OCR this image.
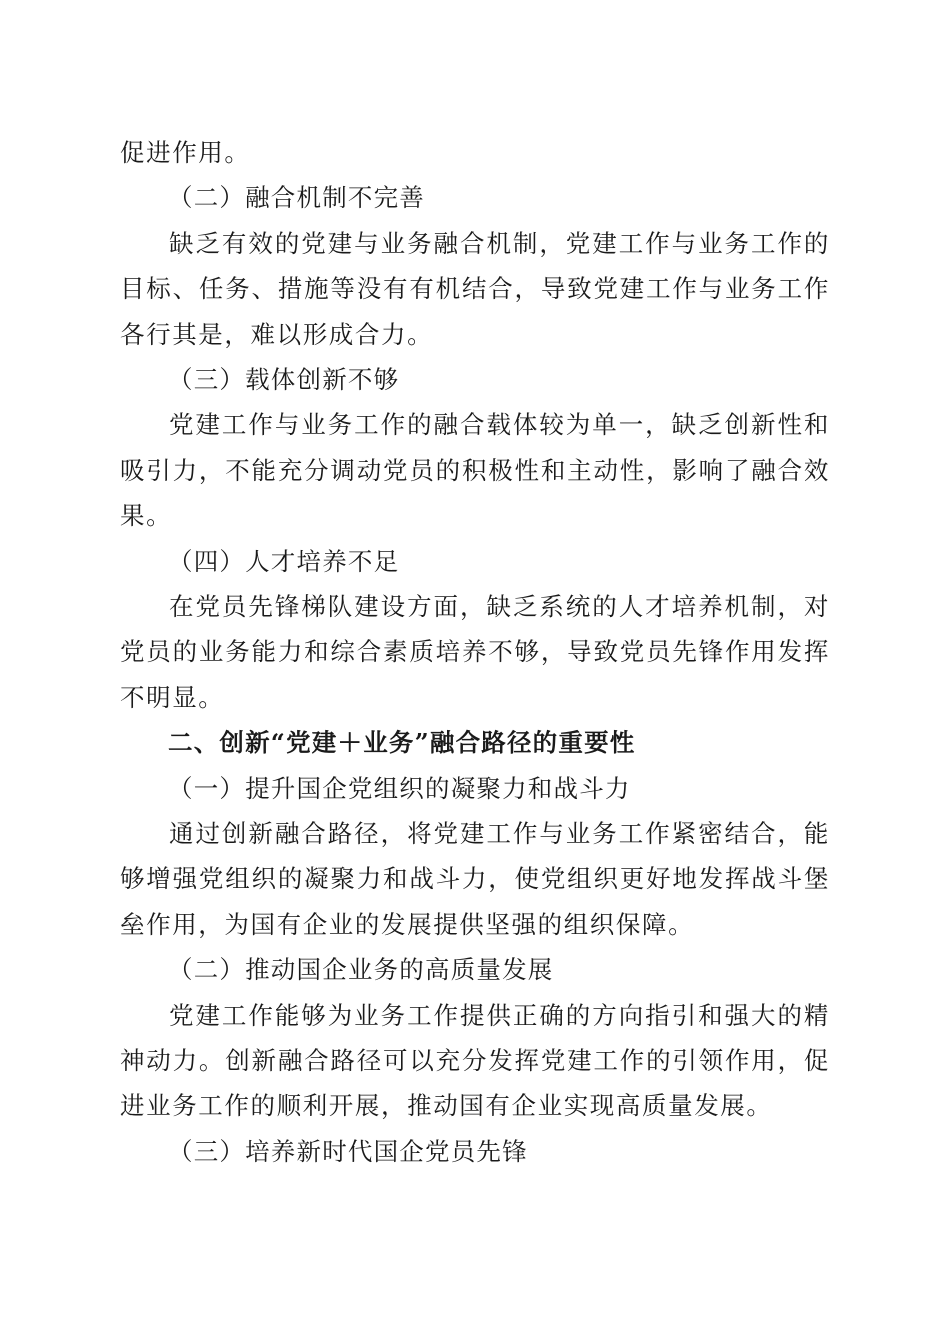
促进作用。
（二）融合机制不完善
缺乏有效的党建与业务融合机制，党建工作与业务工作的目标、任务、措施等没有有机结合，导致党建工作与业务工作各行其是，难以形成合力。
（三）载体创新不够
党建工作与业务工作的融合载体较为单一，缺乏创新性和吸引力，不能充分调动党员的积极性和主动性，影响了融合效果。
（四）人才培养不足
在党员先锋梯队建设方面，缺乏系统的人才培养机制，对党员的业务能力和综合素质培养不够，导致党员先锋作用发挥不明显。
二、创新“党建＋业务”融合路径的重要性
（一）提升国企党组织的凝聚力和战斗力
通过创新融合路径，将党建工作与业务工作紧密结合，能够增强党组织的凝聚力和战斗力，使党组织更好地发挥战斗堡垒作用，为国有企业的发展提供坚强的组织保障。
（二）推动国企业务的高质量发展
党建工作能够为业务工作提供正确的方向指引和强大的精神动力。创新融合路径可以充分发挥党建工作的引领作用，促进业务工作的顺利开展，推动国有企业实现高质量发展。
（三）培养新时代国企党员先锋
